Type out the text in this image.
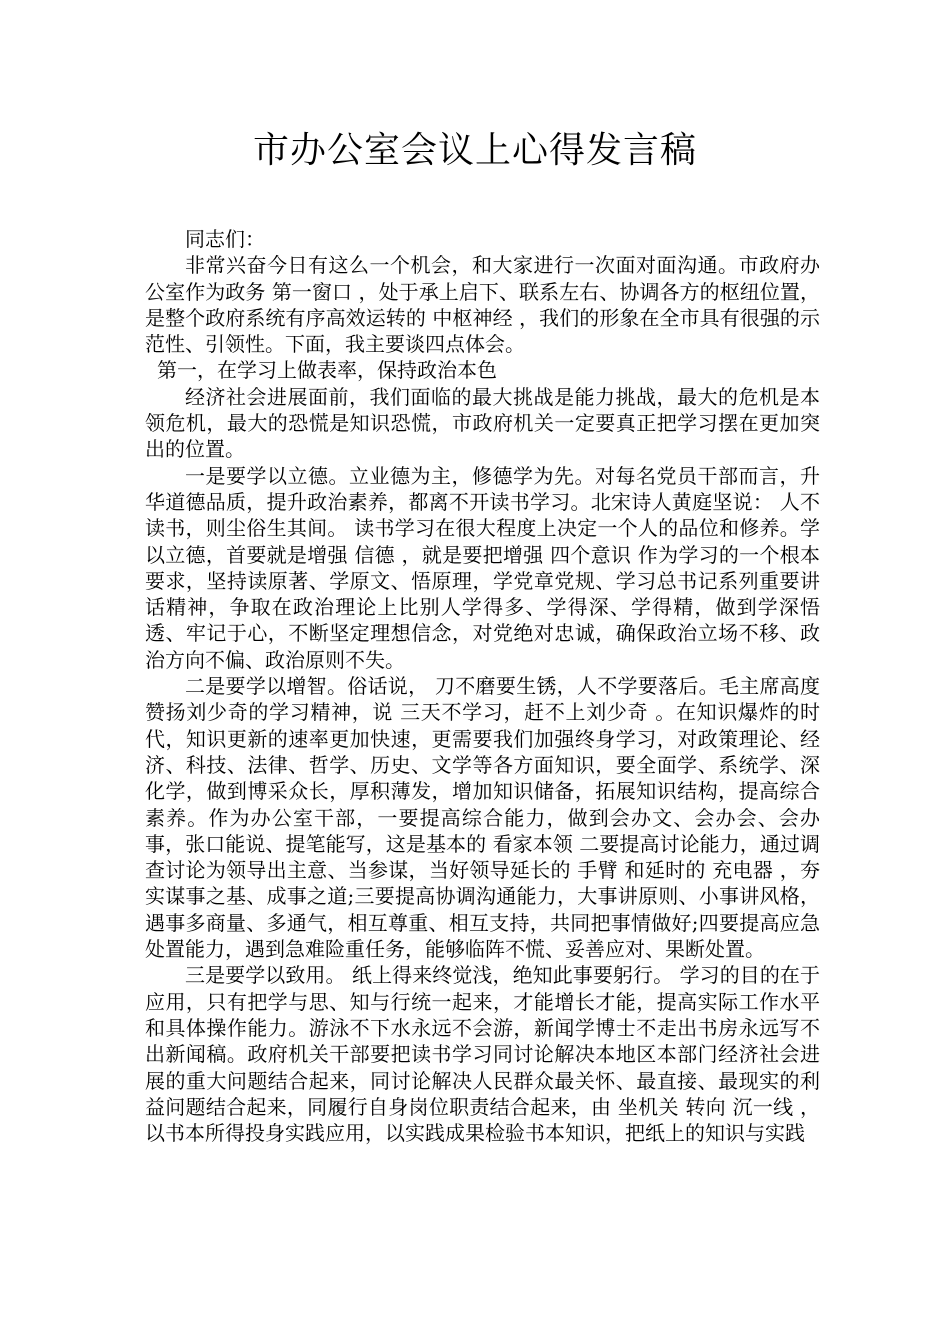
市办公室会议上心得发言稿

同志们：

非常兴奋今日有这么一个机会，和大家进行一次面对面沟通。市政府办公室作为政务 第一窗口 ，处于承上启下、联系左右、协调各方的枢纽位置，是整个政府系统有序高效运转的 中枢神经 ，我们的形象在全市具有很强的示范性、引领性。下面，我主要谈四点体会。

第一，在学习上做表率，保持政治本色

经济社会进展面前，我们面临的最大挑战是能力挑战，最大的危机是本领危机，最大的恐慌是知识恐慌，市政府机关一定要真正把学习摆在更加突出的位置。

一是要学以立德。立业德为主，修德学为先。对每名党员干部而言，升华道德品质，提升政治素养，都离不开读书学习。北宋诗人黄庭坚说： 人不读书，则尘俗生其间。 读书学习在很大程度上决定一个人的品位和修养。学以立德，首要就是增强 信德 ，就是要把增强 四个意识 作为学习的一个根本要求，坚持读原著、学原文、悟原理，学党章党规、学习总书记系列重要讲话精神，争取在政治理论上比别人学得多、学得深、学得精，做到学深悟透、牢记于心，不断坚定理想信念，对党绝对忠诚，确保政治立场不移、政治方向不偏、政治原则不失。

二是要学以增智。俗话说， 刀不磨要生锈，人不学要落后。毛主席高度赞扬刘少奇的学习精神，说 三天不学习，赶不上刘少奇 。在知识爆炸的时代，知识更新的速率更加快速，更需要我们加强终身学习，对政策理论、经济、科技、法律、哲学、历史、文学等各方面知识，要全面学、系统学、深化学，做到博采众长，厚积薄发，增加知识储备，拓展知识结构，提高综合素养。作为办公室干部，一要提高综合能力，做到会办文、会办会、会办事，张口能说、提笔能写，这是基本的 看家本领 二要提高讨论能力，通过调查讨论为领导出主意、当参谋，当好领导延长的 手臂 和延时的 充电器 ，夯实谋事之基、成事之道;三要提高协调沟通能力，大事讲原则、小事讲风格，遇事多商量、多通气，相互尊重、相互支持，共同把事情做好;四要提高应急处置能力，遇到急难险重任务，能够临阵不慌、妥善应对、果断处置。

三是要学以致用。 纸上得来终觉浅，绝知此事要躬行。 学习的目的在于应用，只有把学与思、知与行统一起来，才能增长才能，提高实际工作水平和具体操作能力。游泳不下水永远不会游，新闻学博士不走出书房永远写不出新闻稿。政府机关干部要把读书学习同讨论解决本地区本部门经济社会进展的重大问题结合起来，同讨论解决人民群众最关怀、最直接、最现实的利益问题结合起来，同履行自身岗位职责结合起来，由 坐机关 转向 沉一线 ，以书本所得投身实践应用，以实践成果检验书本知识，把纸上的知识与实践
